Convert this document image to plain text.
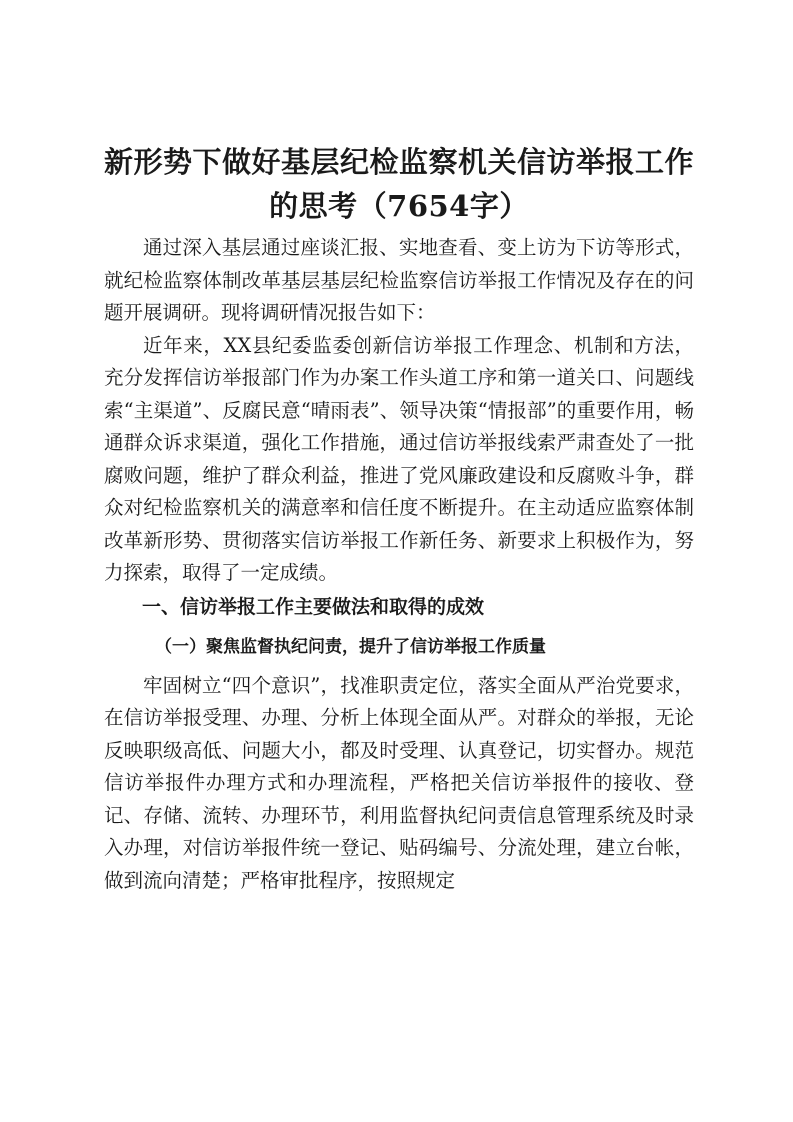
新形势下做好基层纪检监察机关信访举报工作
的思考（7654字）

通过深入基层通过座谈汇报、实地查看、变上访为下访等形式，就纪检监察体制改革基层基层纪检监察信访举报工作情况及存在的问题开展调研。现将调研情况报告如下：

近年来，XX县纪委监委创新信访举报工作理念、机制和方法，充分发挥信访举报部门作为办案工作头道工序和第一道关口、问题线索“主渠道”、反腐民意“晴雨表”、领导决策“情报部”的重要作用，畅通群众诉求渠道，强化工作措施，通过信访举报线索严肃查处了一批腐败问题，维护了群众利益，推进了党风廉政建设和反腐败斗争，群众对纪检监察机关的满意率和信任度不断提升。在主动适应监察体制改革新形势、贯彻落实信访举报工作新任务、新要求上积极作为，努力探索，取得了一定成绩。

一、信访举报工作主要做法和取得的成效
（一）聚焦监督执纪问责，提升了信访举报工作质量

牢固树立“四个意识”，找准职责定位，落实全面从严治党要求，在信访举报受理、办理、分析上体现全面从严。对群众的举报，无论反映职级高低、问题大小，都及时受理、认真登记，切实督办。规范信访举报件办理方式和办理流程，严格把关信访举报件的接收、登记、存储、流转、办理环节，利用监督执纪问责信息管理系统及时录入办理，对信访举报件统一登记、贴码编号、分流处理，建立台帐，做到流向清楚；严格审批程序，按照规定
